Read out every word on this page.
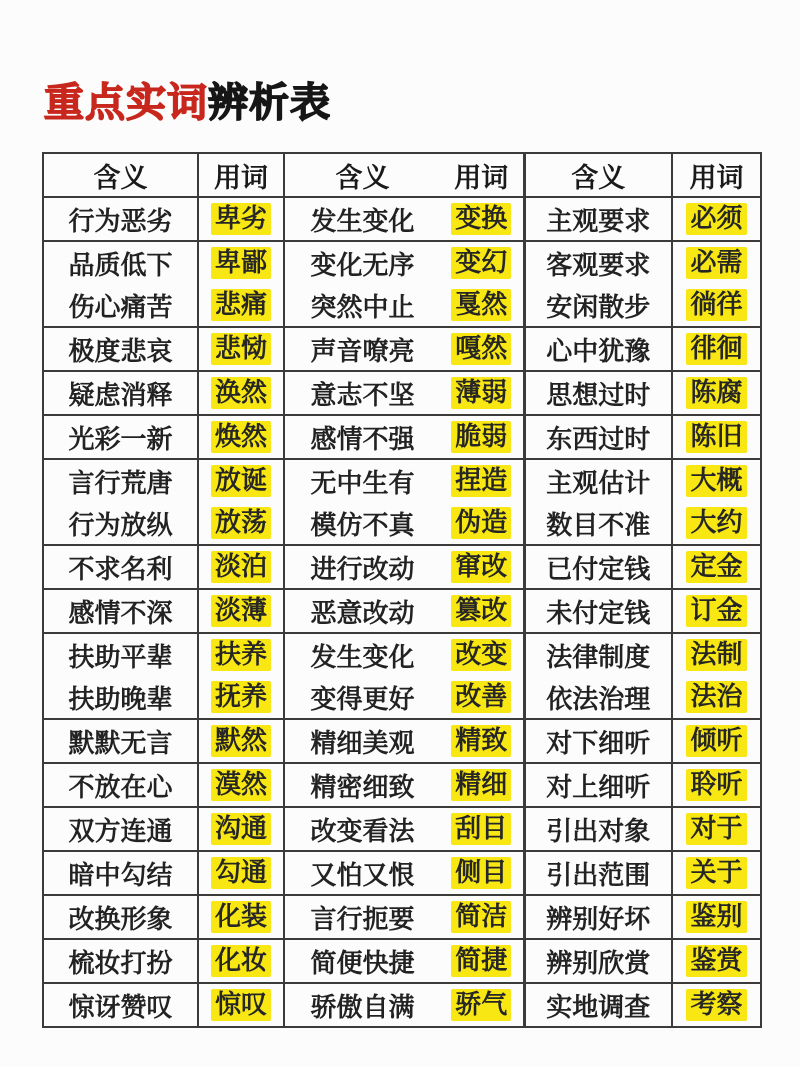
重点实词辨析表
含义	用词	含义	用词	含义	用词
行为恶劣	卑劣	发生变化	变换	主观要求	必须
品质低下	卑鄙	变化无序	变幻	客观要求	必需
伤心痛苦	悲痛	突然中止	戛然	安闲散步	徜徉
极度悲哀	悲恸	声音嘹亮	嘎然	心中犹豫	徘徊
疑虑消释	涣然	意志不坚	薄弱	思想过时	陈腐
光彩一新	焕然	感情不强	脆弱	东西过时	陈旧
言行荒唐	放诞	无中生有	捏造	主观估计	大概
行为放纵	放荡	模仿不真	伪造	数目不准	大约
不求名利	淡泊	进行改动	窜改	已付定钱	定金
感情不深	淡薄	恶意改动	篡改	未付定钱	订金
扶助平辈	扶养	发生变化	改变	法律制度	法制
扶助晚辈	抚养	变得更好	改善	依法治理	法治
默默无言	默然	精细美观	精致	对下细听	倾听
不放在心	漠然	精密细致	精细	对上细听	聆听
双方连通	沟通	改变看法	刮目	引出对象	对于
暗中勾结	勾通	又怕又恨	侧目	引出范围	关于
改换形象	化装	言行扼要	简洁	辨别好坏	鉴别
梳妆打扮	化妆	简便快捷	简捷	辨别欣赏	鉴赏
惊讶赞叹	惊叹	骄傲自满	骄气	实地调查	考察
